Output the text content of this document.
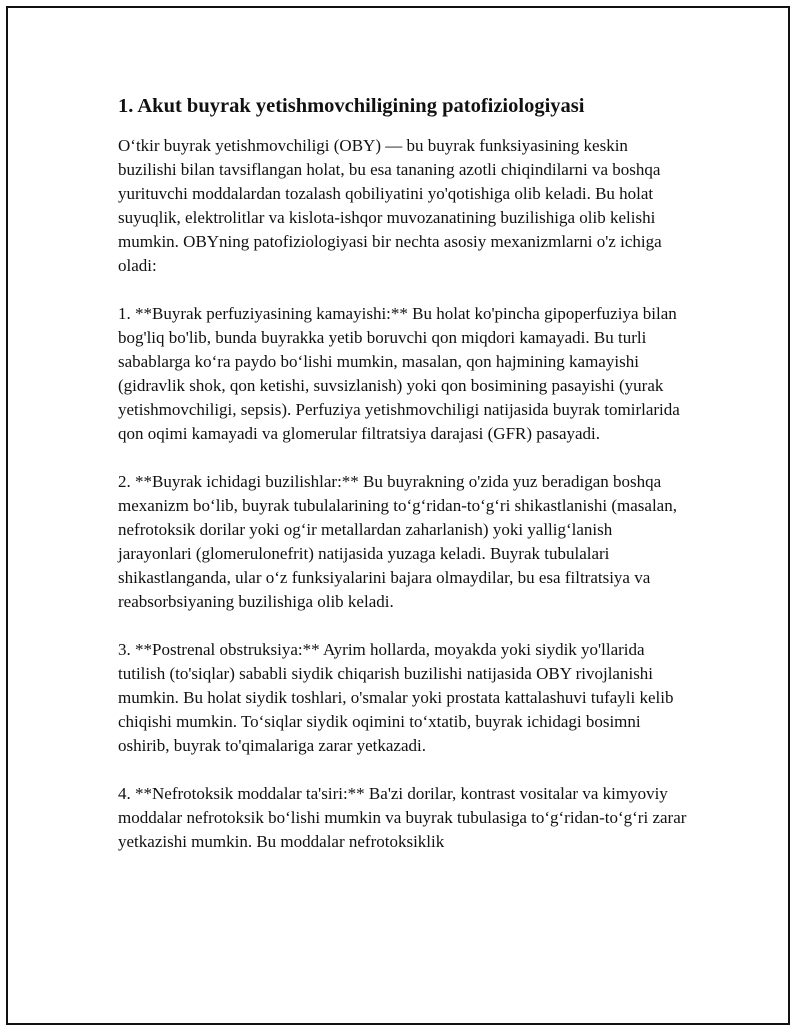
1. Akut buyrak yetishmovchiligining patofiziologiyasi

O‘tkir buyrak yetishmovchiligi (OBY) — bu buyrak funksiyasining keskin buzilishi bilan tavsiflangan holat, bu esa tananing azotli chiqindilarni va boshqa yurituvchi moddalardan tozalash qobiliyatini yo'qotishiga olib keladi. Bu holat suyuqlik, elektrolitlar va kislota-ishqor muvozanatining buzilishiga olib kelishi mumkin. OBYning patofiziologiyasi bir nechta asosiy mexanizmlarni o'z ichiga oladi:

1. **Buyrak perfuziyasining kamayishi:** Bu holat ko'pincha gipoperfuziya bilan bog'liq bo'lib, bunda buyrakka yetib boruvchi qon miqdori kamayadi. Bu turli sabablarga ko‘ra paydo bo‘lishi mumkin, masalan, qon hajmining kamayishi (gidravlik shok, qon ketishi, suvsizlanish) yoki qon bosimining pasayishi (yurak yetishmovchiligi, sepsis). Perfuziya yetishmovchiligi natijasida buyrak tomirlarida qon oqimi kamayadi va glomerular filtratsiya darajasi (GFR) pasayadi.

2. **Buyrak ichidagi buzilishlar:** Bu buyrakning o'zida yuz beradigan boshqa mexanizm bo‘lib, buyrak tubulalarining to‘g‘ridan-to‘g‘ri shikastlanishi (masalan, nefrotoksik dorilar yoki og‘ir metallardan zaharlanish) yoki yallig‘lanish jarayonlari (glomerulonefrit) natijasida yuzaga keladi. Buyrak tubulalari shikastlanganda, ular o‘z funksiyalarini bajara olmaydilar, bu esa filtratsiya va reabsorbsiyaning buzilishiga olib keladi.

3. **Postrenal obstruksiya:** Ayrim hollarda, moyakda yoki siydik yo'llarida tutilish (to'siqlar) sababli siydik chiqarish buzilishi natijasida OBY rivojlanishi mumkin. Bu holat siydik toshlari, o'smalar yoki prostata kattalashuvi tufayli kelib chiqishi mumkin. To‘siqlar siydik oqimini to‘xtatib, buyrak ichidagi bosimni oshirib, buyrak to'qimalariga zarar yetkazadi.

4. **Nefrotoksik moddalar ta'siri:** Ba'zi dorilar, kontrast vositalar va kimyoviy moddalar nefrotoksik bo‘lishi mumkin va buyrak tubulasiga to‘g‘ridan-to‘g‘ri zarar yetkazishi mumkin. Bu moddalar nefrotoksiklik
